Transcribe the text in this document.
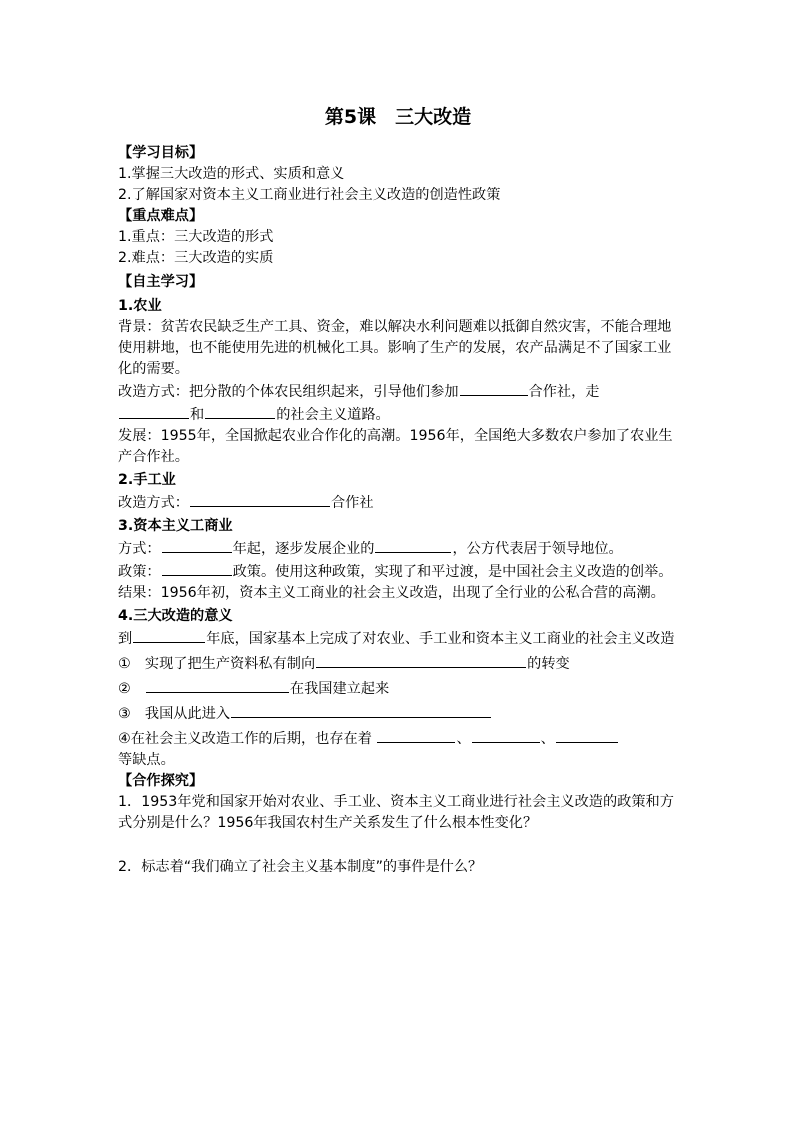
第5课　三大改造
【学习目标】
1.掌握三大改造的形式、实质和意义
2.了解国家对资本主义工商业进行社会主义改造的创造性政策
【重点难点】
1.重点：三大改造的形式
2.难点：三大改造的实质
【自主学习】
1.农业
背景：贫苦农民缺乏生产工具、资金，难以解决水利问题难以抵御自然灾害，不能合理地使用耕地，也不能使用先进的机械化工具。影响了生产的发展，农产品满足不了国家工业化的需要。
改造方式：把分散的个体农民组织起来，引导他们参加	合作社，走
和	的社会主义道路。
发展：1955年，全国掀起农业合作化的高潮。1956年，全国绝大多数农户参加了农业生产合作社。
2.手工业
改造方式：	合作社
3.资本主义工商业
方式：	年起，逐步发展企业的	，公方代表居于领导地位。
政策：	政策。使用这种政策，实现了和平过渡，是中国社会主义改造的创举。
结果：1956年初，资本主义工商业的社会主义改造，出现了全行业的公私合营的高潮。
4.三大改造的意义
到	年底，国家基本上完成了对农业、手工业和资本主义工商业的社会主义改造
①　实现了把生产资料私有制向	的转变
②　	在我国建立起来
③　我国从此进入
④在社会主义改造工作的后期，也存在着	、	、
等缺点。
【合作探究】
1．1953年党和国家开始对农业、手工业、资本主义工商业进行社会主义改造的政策和方式分别是什么？1956年我国农村生产关系发生了什么根本性变化？
2．标志着“我们确立了社会主义基本制度”的事件是什么？
